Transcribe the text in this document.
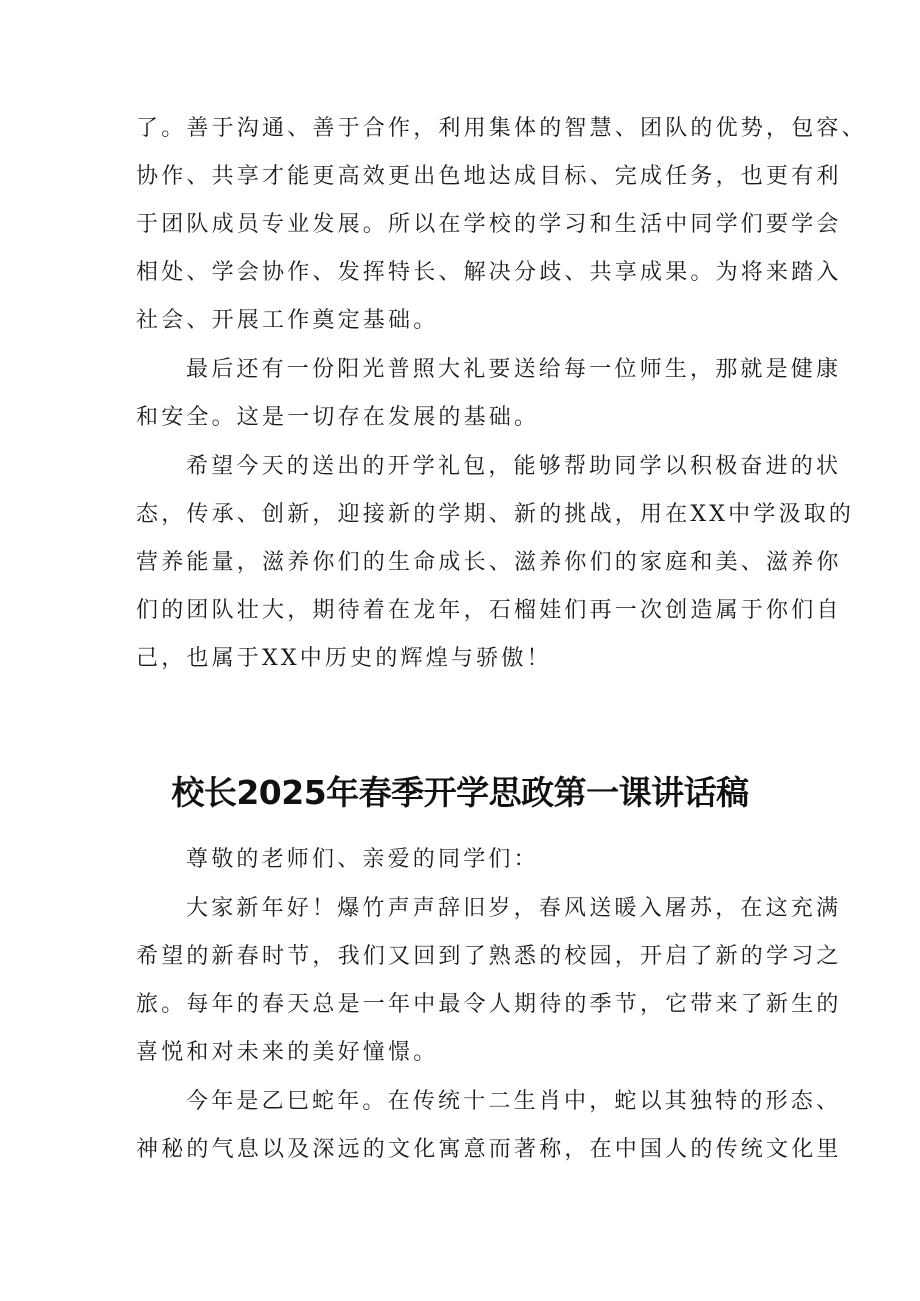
了。善于沟通、善于合作，利用集体的智慧、团队的优势，包容、
协作、共享才能更高效更出色地达成目标、完成任务，也更有利
于团队成员专业发展。所以在学校的学习和生活中同学们要学会
相处、学会协作、发挥特长、解决分歧、共享成果。为将来踏入
社会、开展工作奠定基础。
最后还有一份阳光普照大礼要送给每一位师生，那就是健康
和安全。这是一切存在发展的基础。
希望今天的送出的开学礼包，能够帮助同学以积极奋进的状
态，传承、创新，迎接新的学期、新的挑战，用在XX中学汲取的
营养能量，滋养你们的生命成长、滋养你们的家庭和美、滋养你
们的团队壮大，期待着在龙年，石榴娃们再一次创造属于你们自
己，也属于XX中历史的辉煌与骄傲！
校长2025年春季开学思政第一课讲话稿
尊敬的老师们、亲爱的同学们：
大家新年好！爆竹声声辞旧岁，春风送暖入屠苏，在这充满
希望的新春时节，我们又回到了熟悉的校园，开启了新的学习之
旅。每年的春天总是一年中最令人期待的季节，它带来了新生的
喜悦和对未来的美好憧憬。
今年是乙巳蛇年。在传统十二生肖中，蛇以其独特的形态、
神秘的气息以及深远的文化寓意而著称，在中国人的传统文化里
